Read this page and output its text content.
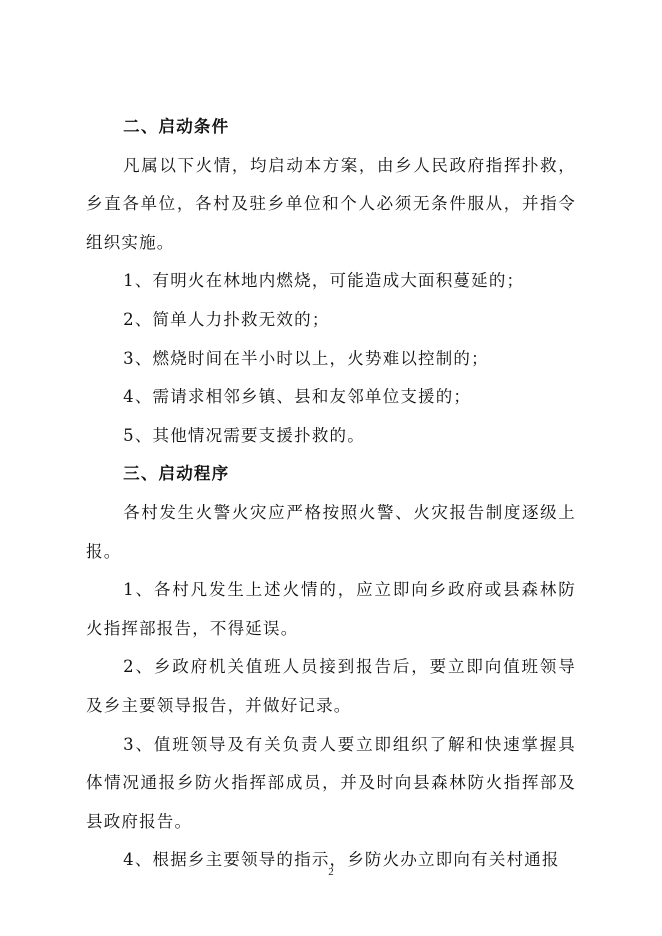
二、启动条件

凡属以下火情，均启动本方案，由乡人民政府指挥扑救，乡直各单位，各村及驻乡单位和个人必须无条件服从，并指令组织实施。

1、有明火在林地内燃烧，可能造成大面积蔓延的；

2、简单人力扑救无效的；

3、燃烧时间在半小时以上，火势难以控制的；

4、需请求相邻乡镇、县和友邻单位支援的；

5、其他情况需要支援扑救的。

三、启动程序

各村发生火警火灾应严格按照火警、火灾报告制度逐级上报。

1、各村凡发生上述火情的，应立即向乡政府或县森林防火指挥部报告，不得延误。

2、乡政府机关值班人员接到报告后，要立即向值班领导及乡主要领导报告，并做好记录。

3、值班领导及有关负责人要立即组织了解和快速掌握具体情况通报乡防火指挥部成员，并及时向县森林防火指挥部及县政府报告。

4、根据乡主要领导的指示，乡防火办立即向有关村通报

2
